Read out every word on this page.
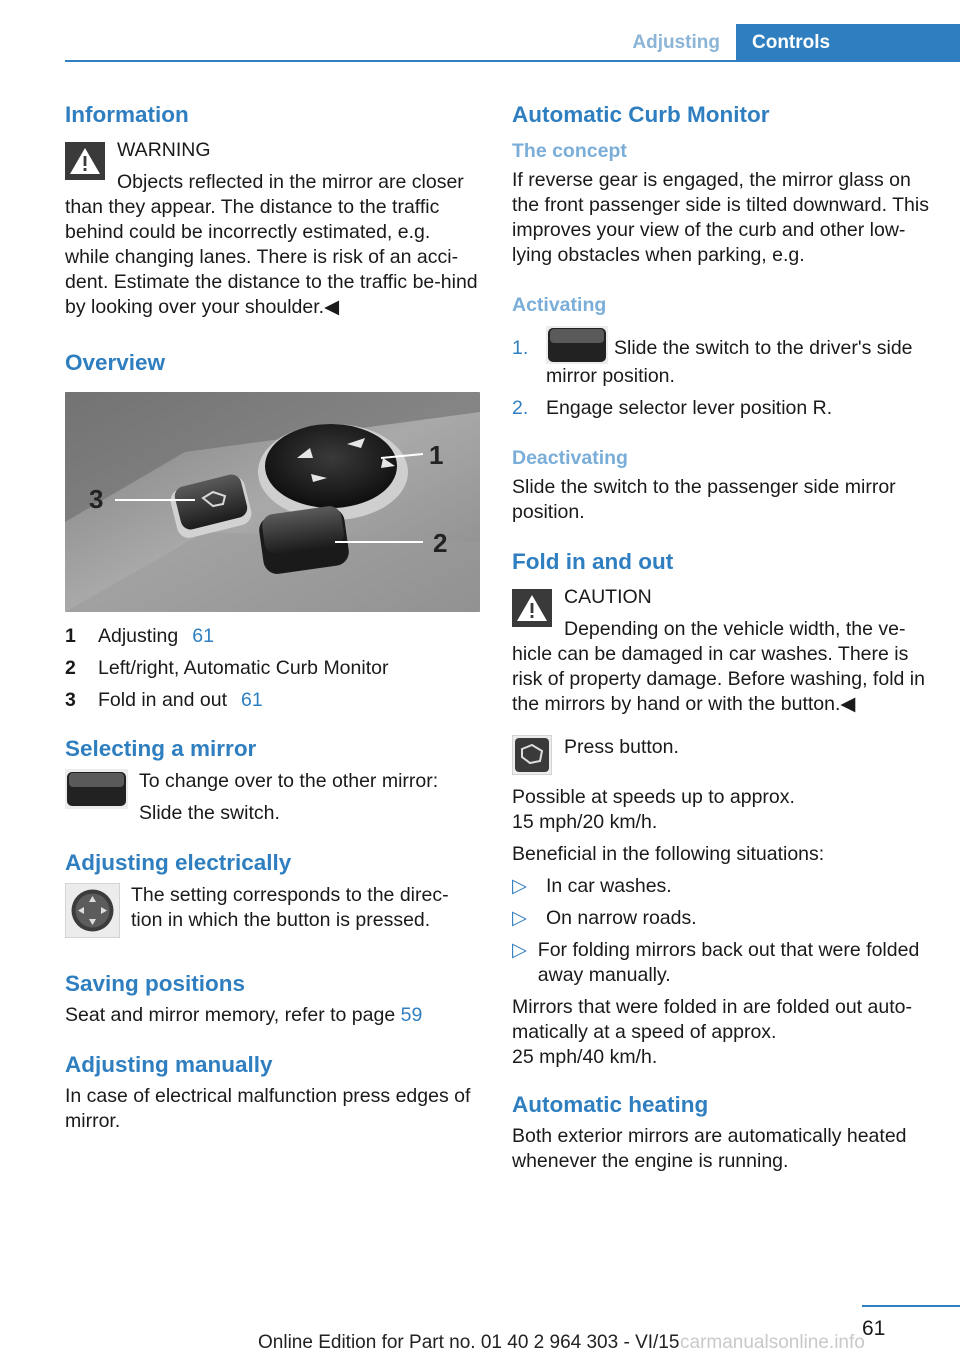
Adjusting	Controls
Information

WARNING

Objects reflected in the mirror are closer

than they appear. The distance to the traffic behind could be incorrectly estimated, e.g. while changing lanes. There is risk of an acci‐dent. Estimate the distance to the traffic be‐hind by looking over your shoulder.◀

Overview
3
1
2
1	Adjusting 61
2	Left/right, Automatic Curb Monitor
3	Fold in and out 61
Selecting a mirror

To change over to the other mirror:

Slide the switch.

Adjusting electrically

The setting corresponds to the direc‐tion in which the button is pressed.

Saving positions

Seat and mirror memory, refer to page 59

Adjusting manually

In case of electrical malfunction press edges of mirror.

Automatic Curb Monitor
The concept

If reverse gear is engaged, the mirror glass on the front passenger side is tilted downward. This improves your view of the curb and other low-lying obstacles when parking, e.g.

Activating
1.	Slide the switch to the driver's side mirror position.
2. Engage selector lever position R.
Deactivating

Slide the switch to the passenger side mirror position.

Fold in and out

CAUTION

Depending on the vehicle width, the ve‐

hicle can be damaged in car washes. There is risk of property damage. Before washing, fold in the mirrors by hand or with the button.◀

Press button.

Possible at speeds up to approx.

15 mph/20 km/h.

Beneficial in the following situations:

▷ In car washes.
▷ On narrow roads.
▷ For folding mirrors back out that were folded away manually.

Mirrors that were folded in are folded out auto‐matically at a speed of approx.

25 mph/40 km/h.

Automatic heating

Both exterior mirrors are automatically heated whenever the engine is running.

61
Online Edition for Part no. 01 40 2 964 303 - VI/15 carmanualsonline.info
